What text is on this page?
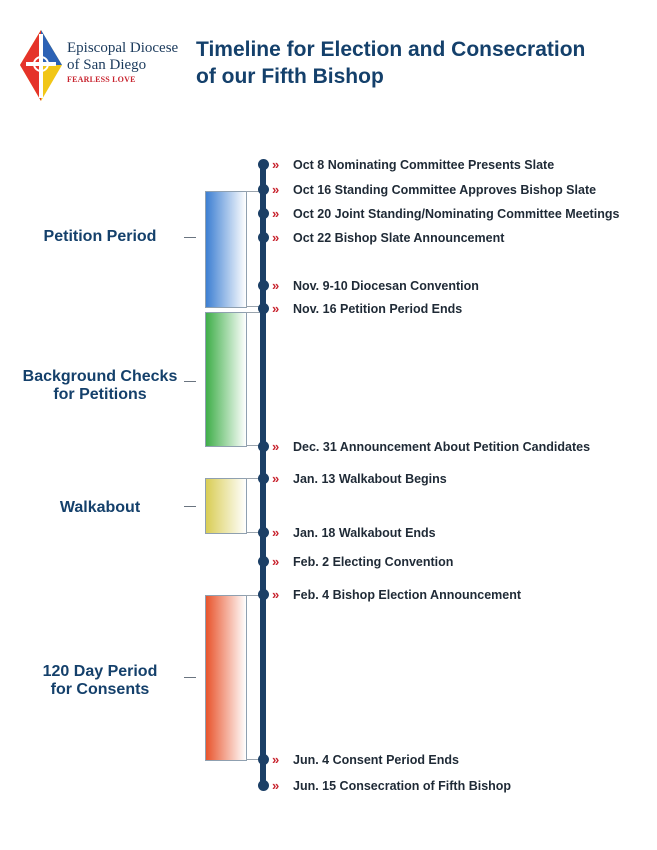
Episcopal Diocese
of San Diego
FEARLESS LOVE
Timeline for Election and Consecration
of our Fifth Bishop
Petition Period
Background Checks
for Petitions
Walkabout
120 Day Period
for Consents
» Oct 8 Nominating Committee Presents Slate
» Oct 16 Standing Committee Approves Bishop Slate
» Oct 20 Joint Standing/Nominating Committee Meetings
» Oct 22 Bishop Slate Announcement
» Nov. 9-10 Diocesan Convention
» Nov. 16 Petition Period Ends
» Dec. 31 Announcement About Petition Candidates
» Jan. 13 Walkabout Begins
» Jan. 18 Walkabout Ends
» Feb. 2 Electing Convention
» Feb. 4 Bishop Election Announcement
» Jun. 4 Consent Period Ends
» Jun. 15 Consecration of Fifth Bishop
